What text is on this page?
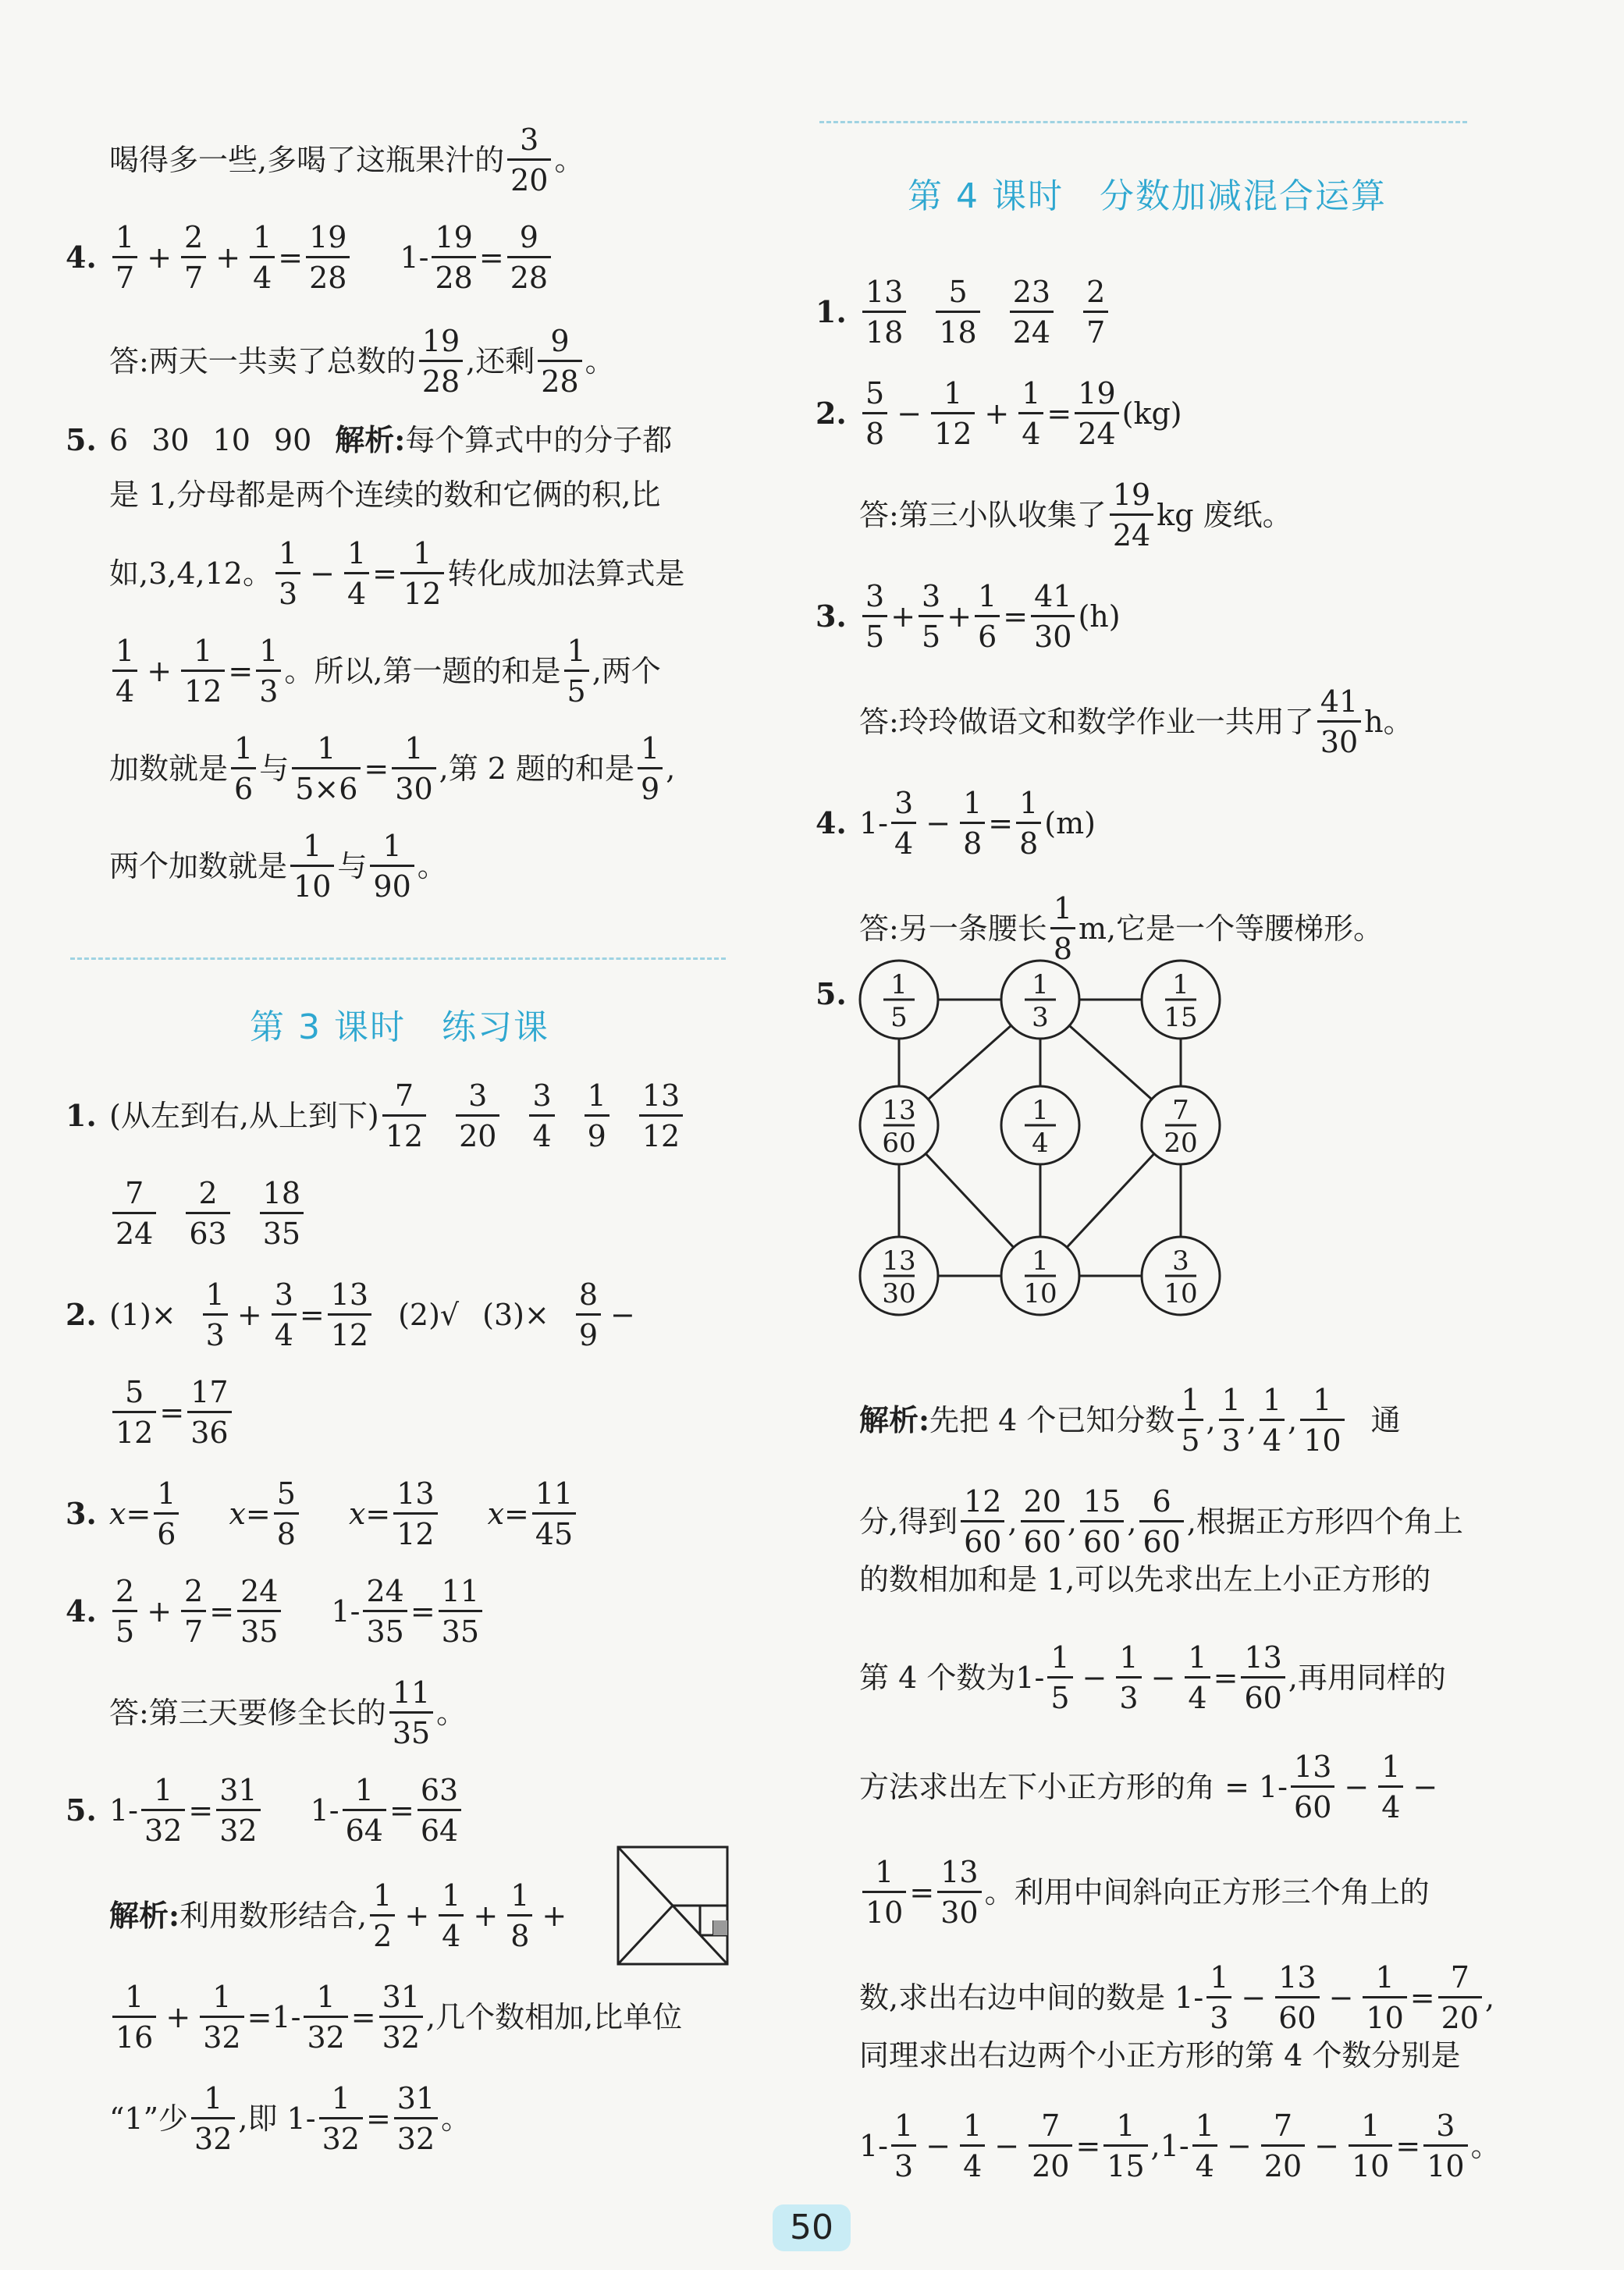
喝得多一些,多喝了这瓶果汁的 $\frac{3}{20}$ 。
4. $\frac{1}{7} + \frac{2}{7} + \frac{1}{4} = \frac{19}{28} 1- \frac{19}{28} = \frac{9}{28}$
答:两天一共卖了总数的 $\frac{19}{28}$ ,还剩 $\frac{9}{28}$ 。
5. 6 30 10 90 解析: 每个算式中的分子都
是 1,分母都是两个连续的数和它俩的积,比
如,3,4,12。 $\frac{1}{3} - \frac{1}{4} = \frac{1}{12}$ 转化成加法算式是
$\frac{1}{4} + \frac{1}{12} = \frac{1}{3}$ 。所以,第一题的和是 $\frac{1}{5}$ ,两个
加数就是 $\frac{1}{6}$ 与 $\frac{1}{5\times 6} = \frac{1}{30}$ ,第 2 题的和是 $\frac{1}{9}$ ,
两个加数就是 $\frac{1}{10}$ 与 $\frac{1}{90}$ 。
第 3 课时　练习课
1. (从左到右,从上到下) $\frac{7}{12} \frac{3}{20} \frac{3}{4} \frac{1}{9} \frac{13}{12}$
$\frac{7}{24} \frac{2}{63} \frac{18}{35}$
2. $(1)\times \frac{1}{3} + \frac{3}{4} = \frac{13}{12} (2)√$ $(3)\times \frac{8}{9}$ −
$\frac{5}{12} = \frac{17}{36}$
3. $x = \frac{1}{6}$ $x = \frac{5}{8}$ $x = \frac{13}{12}$ $x = \frac{11}{45}$
4. $\frac{2}{5} + \frac{2}{7} = \frac{24}{35} 1- \frac{24}{35} = \frac{11}{35}$
答:第三天要修全长的 $\frac{11}{35}$ 。
5. $1- \frac{1}{32} = \frac{31}{32} 1- \frac{1}{64} = \frac{63}{64}$
解析: 利用数形结合, $\frac{1}{2} + \frac{1}{4} + \frac{1}{8}$ +
$\frac{1}{16} + \frac{1}{32} = 1- \frac{1}{32} = \frac{31}{32}$ ,几个数相加,比单位
“1”少 $\frac{1}{32}$ ,即 $1- \frac{1}{32} = \frac{31}{32}$ 。
第 4 课时　分数加减混合运算
1. $\frac{13}{18} \frac{5}{18} \frac{23}{24} \frac{2}{7}$
2. $\frac{5}{8} - \frac{1}{12} + \frac{1}{4} = \frac{19}{24} (kg)$
答:第三小队收集了 $\frac{19}{24}$ kg 废纸。
3. $\frac{3}{5} + \frac{3}{5} + \frac{1}{6} = \frac{41}{30} (h)$
答:玲玲做语文和数学作业一共用了 $\frac{41}{30}$ h。
4. $1- \frac{3}{4} - \frac{1}{8} = \frac{1}{8} (m)$
答:另一条腰长 $\frac{1}{8} m$,它是一个等腰梯形。
5.	1
5
1
3
1
15
13
60
1
4
7
20
13
30
1
10
3
10
解析: 先把 4 个已知分数 $\frac{1}{5}$ , $\frac{1}{3}$ , $\frac{1}{4}$ , $\frac{1}{10}$ 通
分,得到 $\frac{12}{60}$ , $\frac{20}{60}$ , $\frac{15}{60}$ , $\frac{6}{60}$ ,根据正方形四个角上
的数相加和是 1,可以先求出左上小正方形的
第 4 个数为$1- \frac{1}{5} - \frac{1}{3} - \frac{1}{4} = \frac{13}{60}$ ,再用同样的
方法求出左下小正方形的角 = $1- \frac{13}{60} - \frac{1}{4}$ −
$\frac{1}{10} = \frac{13}{30}$ 。利用中间斜向正方形三个角上的
数,求出右边中间的数是 $1- \frac{1}{3} - \frac{13}{60} - \frac{1}{10} = \frac{7}{20}$ ,
同理求出右边两个小正方形的第 4 个数分别是
$1- \frac{1}{3} - \frac{1}{4} - \frac{7}{20} = \frac{1}{15} ,1- \frac{1}{4} - \frac{7}{20} - \frac{1}{10} = \frac{3}{10}$ 。
50
